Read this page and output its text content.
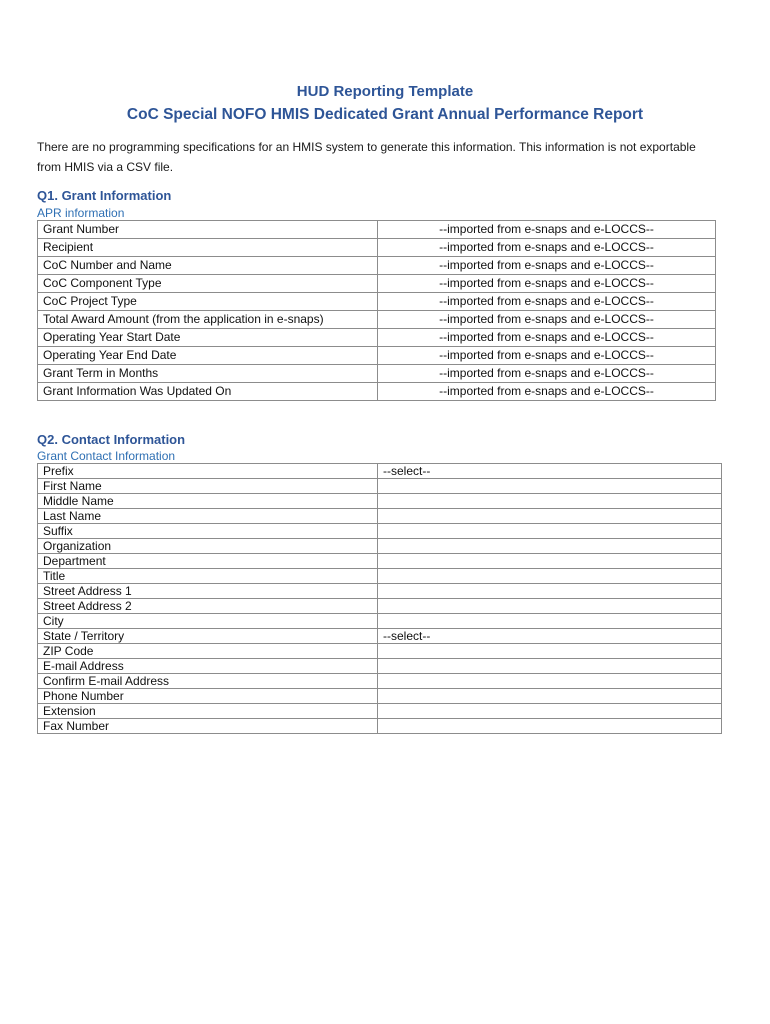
HUD Reporting Template
CoC Special NOFO HMIS Dedicated Grant Annual Performance Report
There are no programming specifications for an HMIS system to generate this information. This information is not exportable from HMIS via a CSV file.
Q1. Grant Information
APR information
Grant Number	--imported from e-snaps and e-LOCCS--
Recipient	--imported from e-snaps and e-LOCCS--
CoC Number and Name	--imported from e-snaps and e-LOCCS--
CoC Component Type	--imported from e-snaps and e-LOCCS--
CoC Project Type	--imported from e-snaps and e-LOCCS--
Total Award Amount (from the application in e-snaps)	--imported from e-snaps and e-LOCCS--
Operating Year Start Date	--imported from e-snaps and e-LOCCS--
Operating Year End Date	--imported from e-snaps and e-LOCCS--
Grant Term in Months	--imported from e-snaps and e-LOCCS--
Grant Information Was Updated On	--imported from e-snaps and e-LOCCS--
Q2. Contact Information
Grant Contact Information
Prefix	--select--
First Name	
Middle Name	
Last Name	
Suffix	
Organization	
Department	
Title	
Street Address 1	
Street Address 2	
City	
State / Territory	--select--
ZIP Code	
E-mail Address	
Confirm E-mail Address	
Phone Number	
Extension	
Fax Number	
